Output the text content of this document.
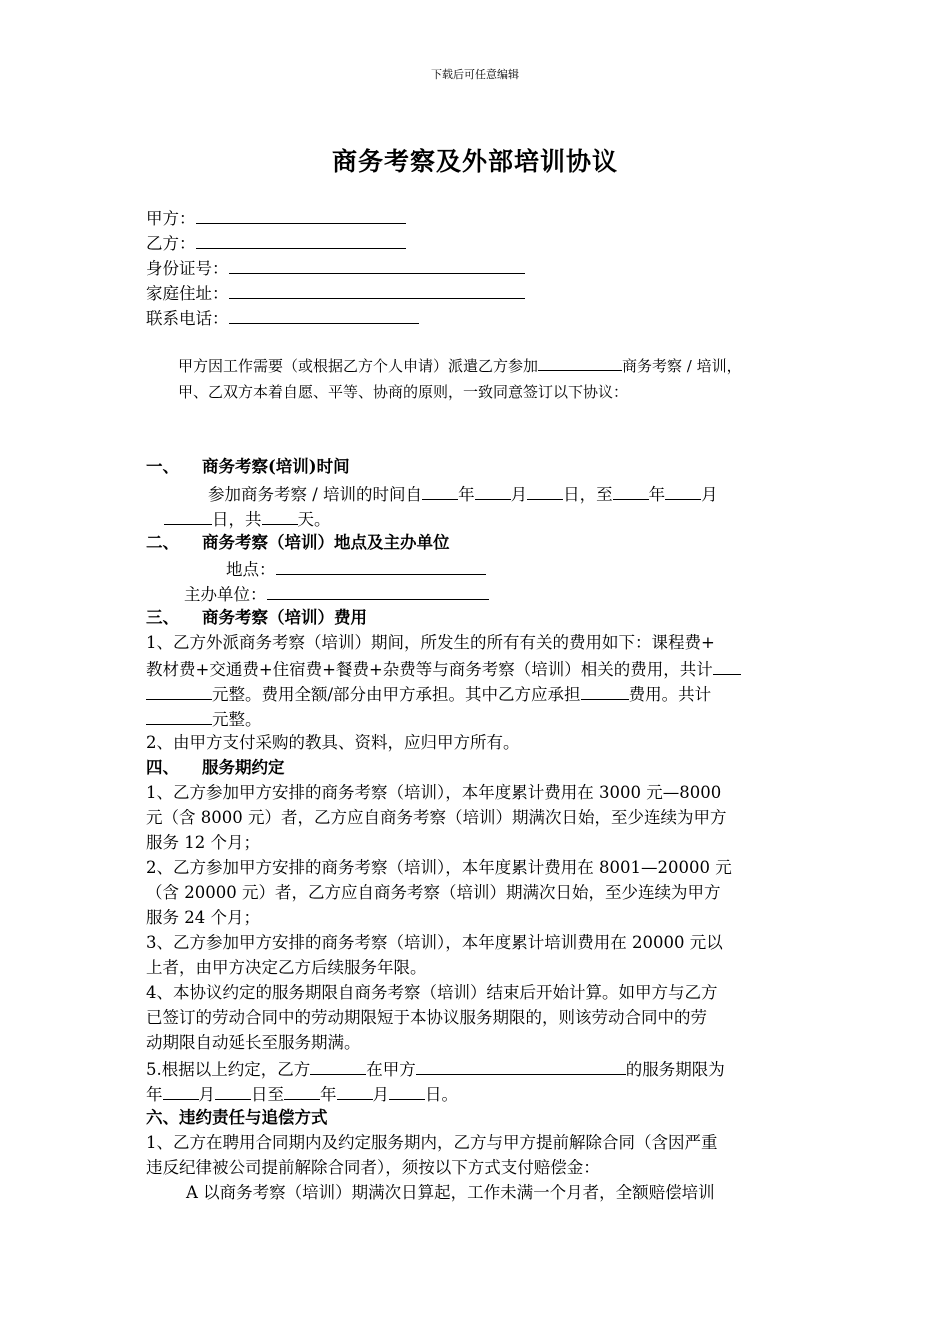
下载后可任意编辑
商务考察及外部培训协议
甲方：
乙方：
身份证号：
家庭住址：
联系电话：
甲方因工作需要（或根据乙方个人申请）派遣乙方参加	商务考察 / 培训，
甲、乙双方本着自愿、平等、协商的原则，一致同意签订以下协议：
一、 商务考察(培训)时间
参加商务考察 / 培训的时间自 年 月 日，至 年 月
日，共 天。
二、 商务考察（培训）地点及主办单位
地点：
主办单位：
三、 商务考察（培训）费用
1、乙方外派商务考察（培训）期间，所发生的所有有关的费用如下：课程费+
教材费+交通费+住宿费+餐费+杂费等与商务考察（培训）相关的费用，共计
元整。费用全额/部分由甲方承担。其中乙方应承担	费用。共计
元整。
2、由甲方支付采购的教具、资料，应归甲方所有。
四、 服务期约定
1、乙方参加甲方安排的商务考察（培训），本年度累计费用在 3000 元—8000
元（含 8000 元）者，乙方应自商务考察（培训）期满次日始，至少连续为甲方
服务 12 个月；
2、乙方参加甲方安排的商务考察（培训），本年度累计费用在 8001—20000 元
（含 20000 元）者，乙方应自商务考察（培训）期满次日始，至少连续为甲方
服务 24 个月；
3、乙方参加甲方安排的商务考察（培训），本年度累计培训费用在 20000 元以
上者，由甲方决定乙方后续服务年限。
4、本协议约定的服务期限自商务考察（培训）结束后开始计算。如甲方与乙方
已签订的劳动合同中的劳动期限短于本协议服务期限的，则该劳动合同中的劳
动期限自动延长至服务期满。
5.根据以上约定，乙方	在甲方	的服务期限为
年 月 日至 年 月 日。
六、违约责任与追偿方式
1、乙方在聘用合同期内及约定服务期内，乙方与甲方提前解除合同（含因严重
违反纪律被公司提前解除合同者），须按以下方式支付赔偿金：
A 以商务考察（培训）期满次日算起，工作未满一个月者，全额赔偿培训
